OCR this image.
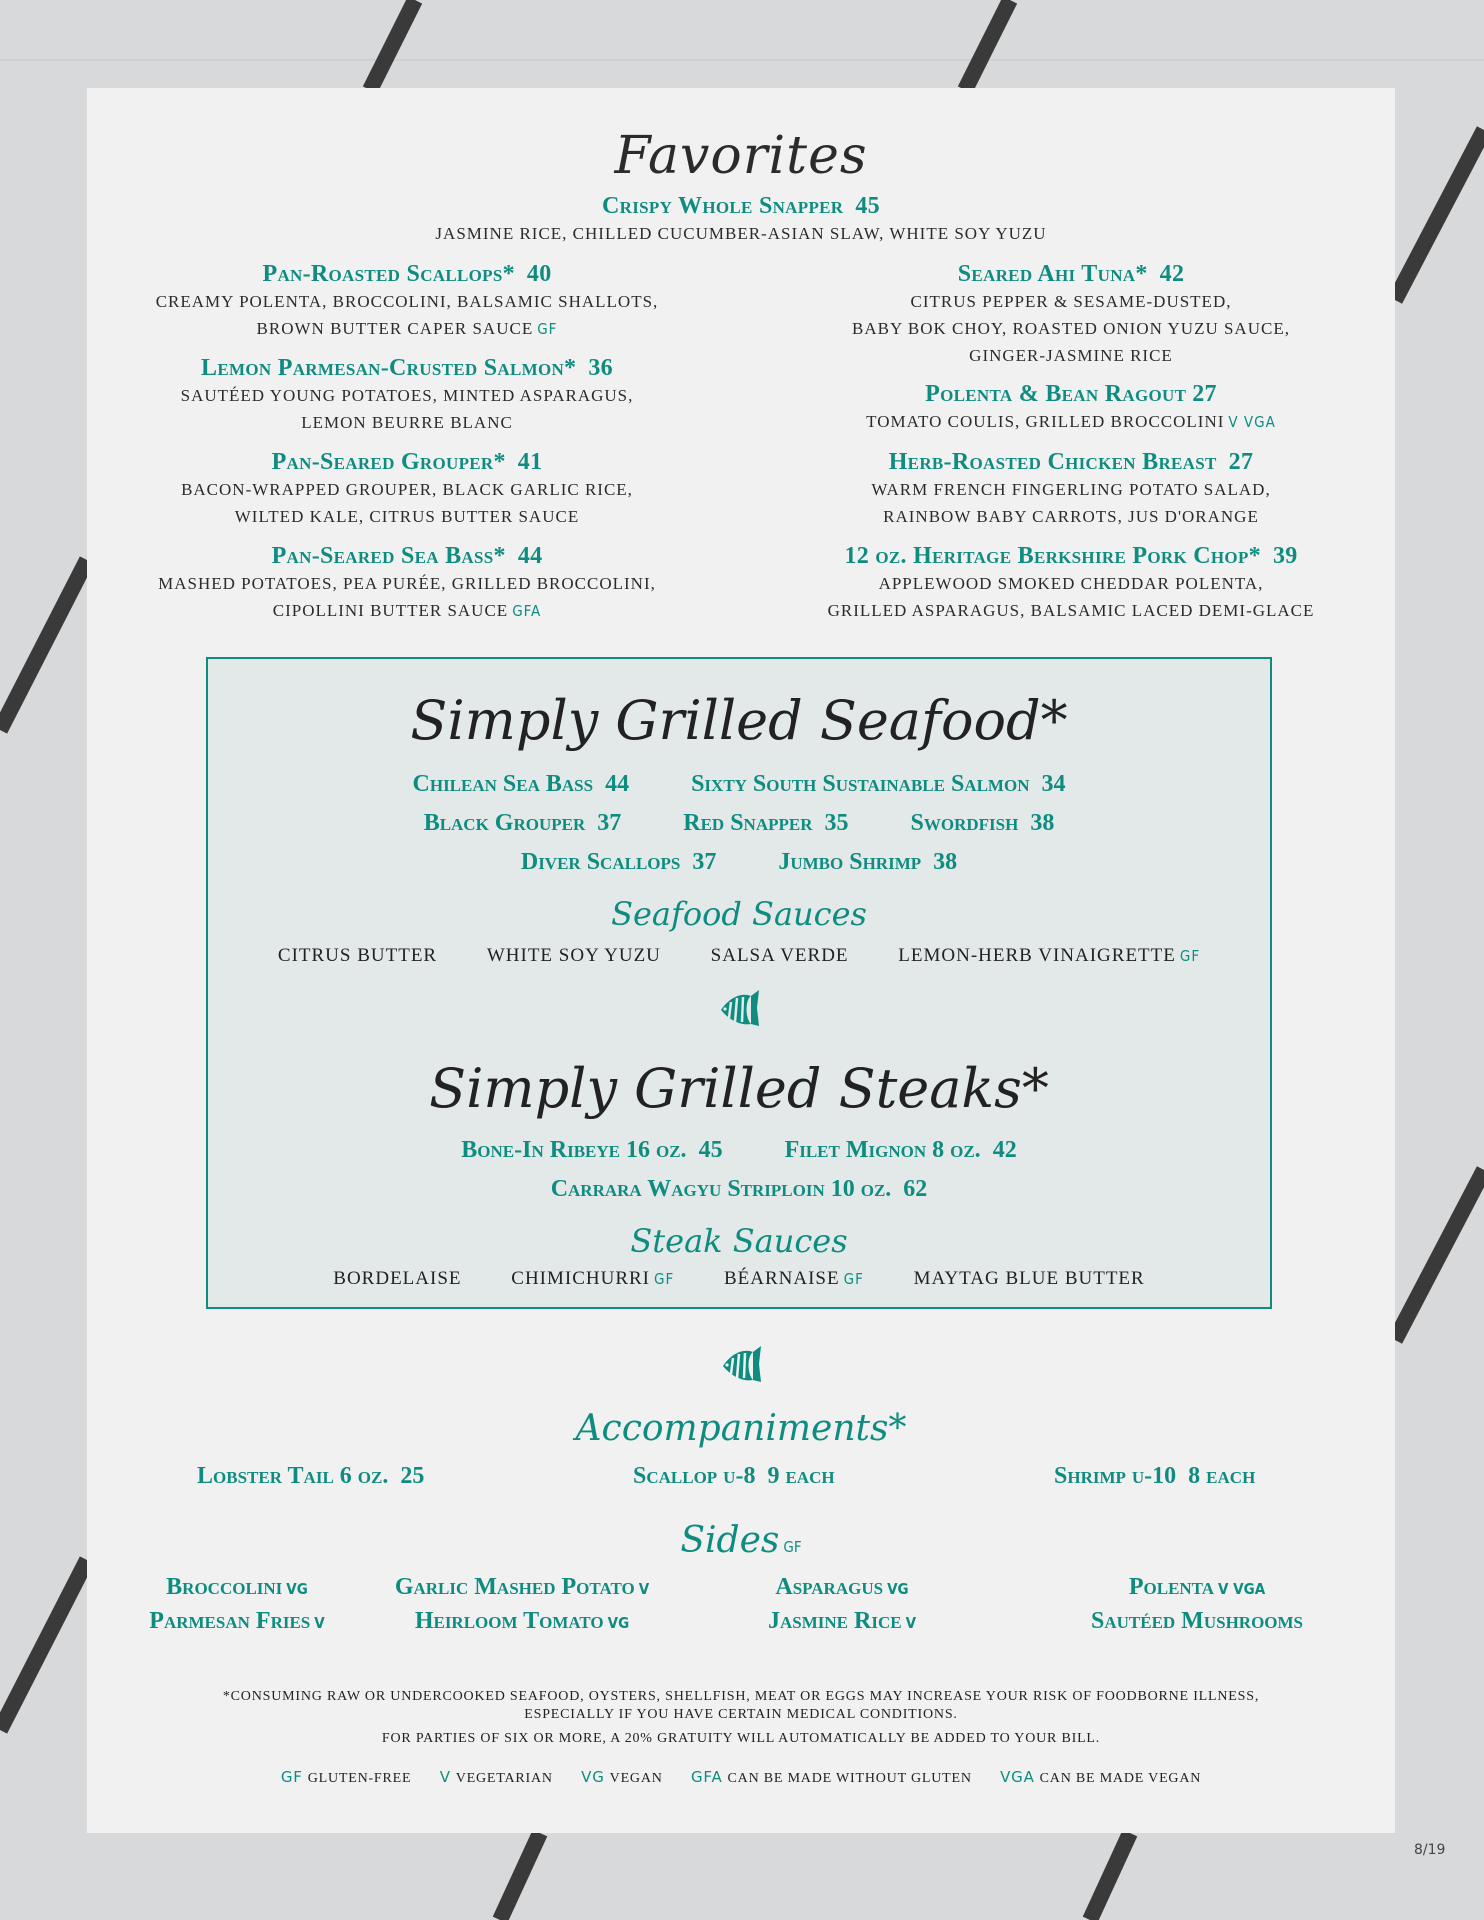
Favorites
Crispy Whole Snapper 45
JASMINE RICE, CHILLED CUCUMBER-ASIAN SLAW, WHITE SOY YUZU
Pan-Roasted Scallops* 40
CREAMY POLENTA, BROCCOLINI, BALSAMIC SHALLOTS,
BROWN BUTTER CAPER SAUCE GF
Lemon Parmesan-Crusted Salmon* 36
SAUTÉED YOUNG POTATOES, MINTED ASPARAGUS,
LEMON BEURRE BLANC
Pan-Seared Grouper* 41
BACON-WRAPPED GROUPER, BLACK GARLIC RICE,
WILTED KALE, CITRUS BUTTER SAUCE
Pan-Seared Sea Bass* 44
MASHED POTATOES, PEA PURÉE, GRILLED BROCCOLINI,
CIPOLLINI BUTTER SAUCE GFA
Seared Ahi Tuna* 42
CITRUS PEPPER & SESAME-DUSTED,
BABY BOK CHOY, ROASTED ONION YUZU SAUCE,
GINGER-JASMINE RICE
Polenta & Bean Ragout 27
TOMATO COULIS, GRILLED BROCCOLINI V VGA
Herb-Roasted Chicken Breast 27
WARM FRENCH FINGERLING POTATO SALAD,
RAINBOW BABY CARROTS, JUS D'ORANGE
12 oz. Heritage Berkshire Pork Chop* 39
APPLEWOOD SMOKED CHEDDAR POLENTA,
GRILLED ASPARAGUS, BALSAMIC LACED DEMI-GLACE
Simply Grilled Seafood*
Chilean Sea Bass 44	Sixty South Sustainable Salmon 34
Black Grouper 37	Red Snapper 35	Swordfish 38
Diver Scallops 37	Jumbo Shrimp 38
Seafood Sauces
CITRUS BUTTER	WHITE SOY YUZU	SALSA VERDE	LEMON-HERB VINAIGRETTE GF
Simply Grilled Steaks*
Bone-In Ribeye 16 oz. 45	Filet Mignon 8 oz. 42
Carrara Wagyu Striploin 10 oz. 62
Steak Sauces
BORDELAISE	CHIMICHURRI GF	BÉARNAISE GF	MAYTAG BLUE BUTTER
Accompaniments*
Lobster Tail 6 oz. 25	Scallop u-8 9 each	Shrimp u-10 8 each
Sides GF
Broccolini VG	Garlic Mashed Potato V	Asparagus VG	Polenta V VGA
Parmesan Fries V	Heirloom Tomato VG	Jasmine Rice V	Sautéed Mushrooms
*CONSUMING RAW OR UNDERCOOKED SEAFOOD, OYSTERS, SHELLFISH, MEAT OR EGGS MAY INCREASE YOUR RISK OF FOODBORNE ILLNESS,
ESPECIALLY IF YOU HAVE CERTAIN MEDICAL CONDITIONS.
FOR PARTIES OF SIX OR MORE, A 20% GRATUITY WILL AUTOMATICALLY BE ADDED TO YOUR BILL.
GF GLUTEN-FREE V VEGETARIAN VG VEGAN GFA CAN BE MADE WITHOUT GLUTEN VGA CAN BE MADE VEGAN
8/19
